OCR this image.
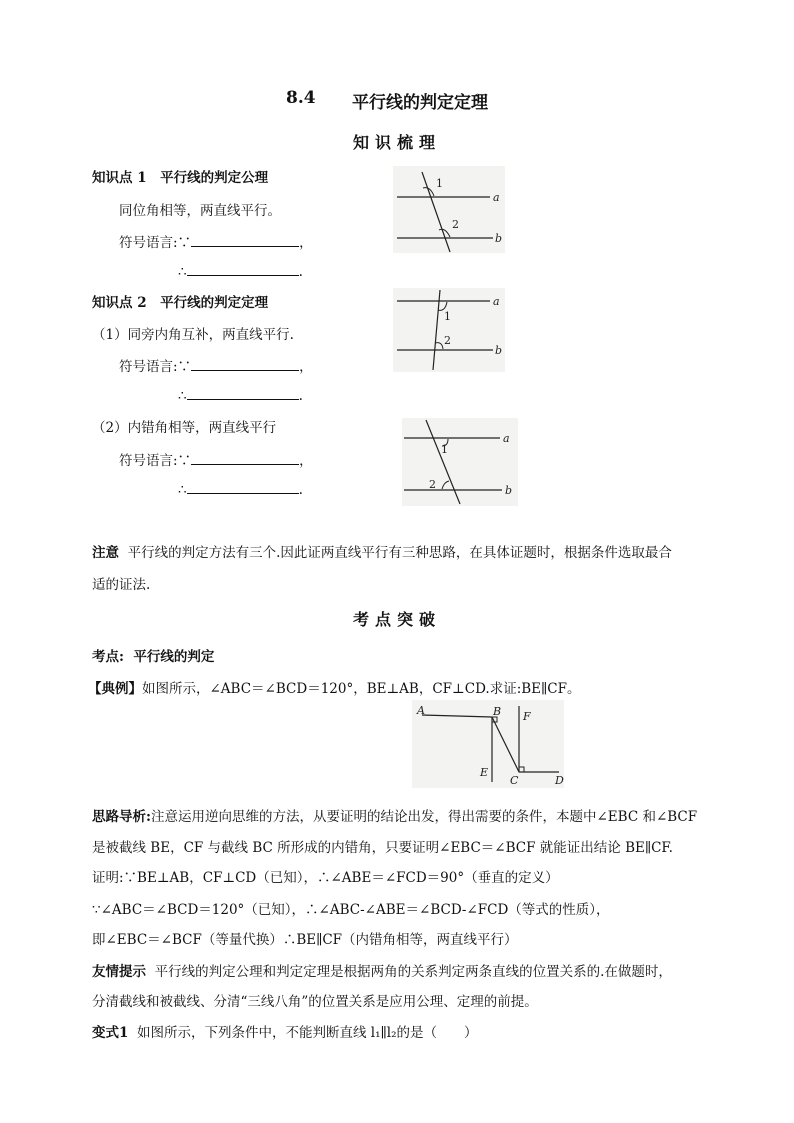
8.4 平行线的判定定理
知识梳理
知识点 1　平行线的判定公理
同位角相等，两直线平行。
符号语言:∵	，
∴	.
1
2
a
b
知识点 2　平行线的判定定理
（1）同旁内角互补，两直线平行.
符号语言:∵	，
∴	.
1
2
a
b
（2）内错角相等，两直线平行
符号语言:∵	，
∴	.
1
2
a
b
注意 平行线的判定方法有三个.因此证两直线平行有三种思路，在具体证题时，根据条件选取最合
适的证法.
考点突破
考点: 平行线的判定
【典例】如图所示，∠ABC＝∠BCD＝120°，BE⊥AB，CF⊥CD.求证:BE∥CF。
A	B
C	D
E
F
思路导析:注意运用逆向思维的方法，从要证明的结论出发，得出需要的条件，本题中∠EBC 和∠BCF
是被截线 BE，CF 与截线 BC 所形成的内错角，只要证明∠EBC＝∠BCF 就能证出结论 BE∥CF.
证明:∵BE⊥AB，CF⊥CD（已知），∴∠ABE＝∠FCD＝90°（垂直的定义）
∵∠ABC＝∠BCD＝120°（已知），∴∠ABC-∠ABE＝∠BCD-∠FCD（等式的性质），
即∠EBC＝∠BCF（等量代换）∴BE∥CF（内错角相等，两直线平行）
友情提示 平行线的判定公理和判定定理是根据两角的关系判定两条直线的位置关系的.在做题时，
分清截线和被截线、分清“三线八角”的位置关系是应用公理、定理的前提。
变式1 如图所示，下列条件中，不能判断直线 l₁∥l₂的是（　　）
